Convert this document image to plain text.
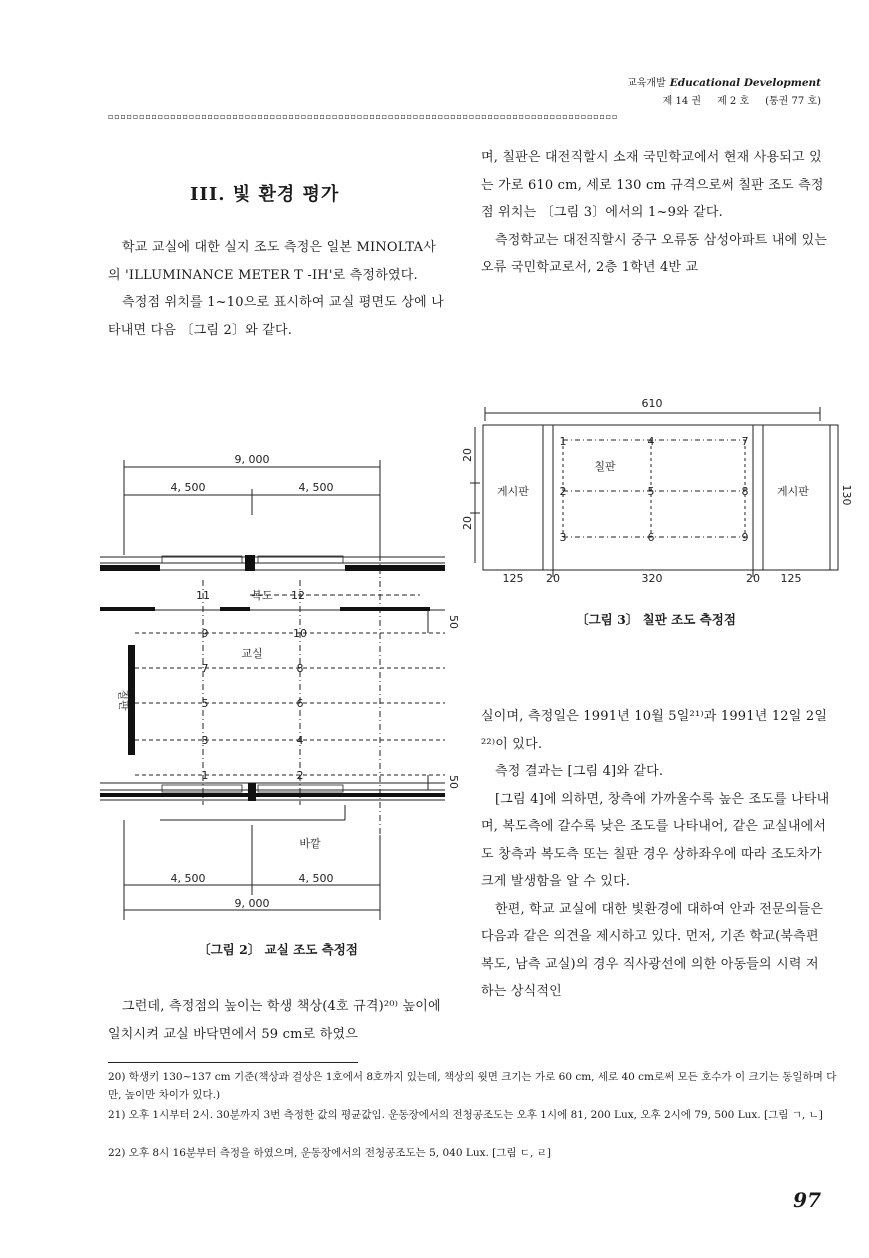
교육개발 Educational Development
제 14 권 제 2 호 (통권 77 호)
▫▫▫▫▫▫▫▫▫▫▫▫▫▫▫▫▫▫▫▫▫▫▫▫▫▫▫▫▫▫▫▫▫▫▫▫▫▫▫▫▫▫▫▫▫▫▫▫▫▫▫▫▫▫▫▫▫▫▫▫▫▫▫▫▫▫▫▫▫▫▫▫▫▫▫▫▫▫▫▫▫▫
III. 빛 환경 평가

학교 교실에 대한 실지 조도 측정은 일본 MINOLTA사의 'ILLUMINANCE METER T -IH'로 측정하였다.

측정점 위치를 1~10으로 표시하여 교실 평면도 상에 나타내면 다음 〔그림 2〕와 같다.

9, 000
4, 500	4, 500
11	복도 12
9	10
교실
7	8
5	6
3	4
1	2
칠판
50
50
바깥
4, 500	4, 500
9, 000
〔그림 2〕 교실 조도 측정점

그런데, 측정점의 높이는 학생 책상(4호 규격)²⁰⁾ 높이에 일치시켜 교실 바닥면에서 59 cm로 하였으

며, 칠판은 대전직할시 소재 국민학교에서 현재 사용되고 있는 가로 610 cm, 세로 130 cm 규격으로써 칠판 조도 측정점 위치는 〔그림 3〕에서의 1~9와 같다.

측정학교는 대전직할시 중구 오류동 삼성아파트 내에 있는 오류 국민학교로서, 2층 1학년 4반 교

610
20
20
130
게시판	게시판
칠판
1
2
3
4
5
6
7
8
9
125 20	320	20 125
〔그림 3〕 칠판 조도 측정점

실이며, 측정일은 1991년 10월 5일²¹⁾과 1991년 12일 2일²²⁾이 있다.

측정 결과는 [그림 4]와 같다.

[그림 4]에 의하면, 창측에 가까울수록 높은 조도를 나타내며, 복도측에 갈수록 낮은 조도를 나타내어, 같은 교실내에서도 창측과 복도측 또는 칠판 경우 상하좌우에 따라 조도차가 크게 발생함을 알 수 있다.

한편, 학교 교실에 대한 빛환경에 대하여 안과 전문의들은 다음과 같은 의견을 제시하고 있다. 먼저, 기존 학교(북측편복도, 남측 교실)의 경우 직사광선에 의한 아동들의 시력 저하는 상식적인

20) 학생키 130~137 cm 기준(책상과 걸상은 1호에서 8호까지 있는데, 책상의 윗면 크기는 가로 60 cm, 세로 40 cm로써 모든 호수가 이 크기는 동일하며 다만, 높이만 차이가 있다.)
21) 오후 1시부터 2시. 30분까지 3번 측정한 값의 평균값임. 운동장에서의 전청공조도는 오후 1시에 81, 200 Lux, 오후 2시에 79, 500 Lux. [그림 ㄱ, ㄴ]
22) 오후 8시 16분부터 측정을 하였으며, 운동장에서의 전청공조도는 5, 040 Lux. [그림 ㄷ, ㄹ]
97
